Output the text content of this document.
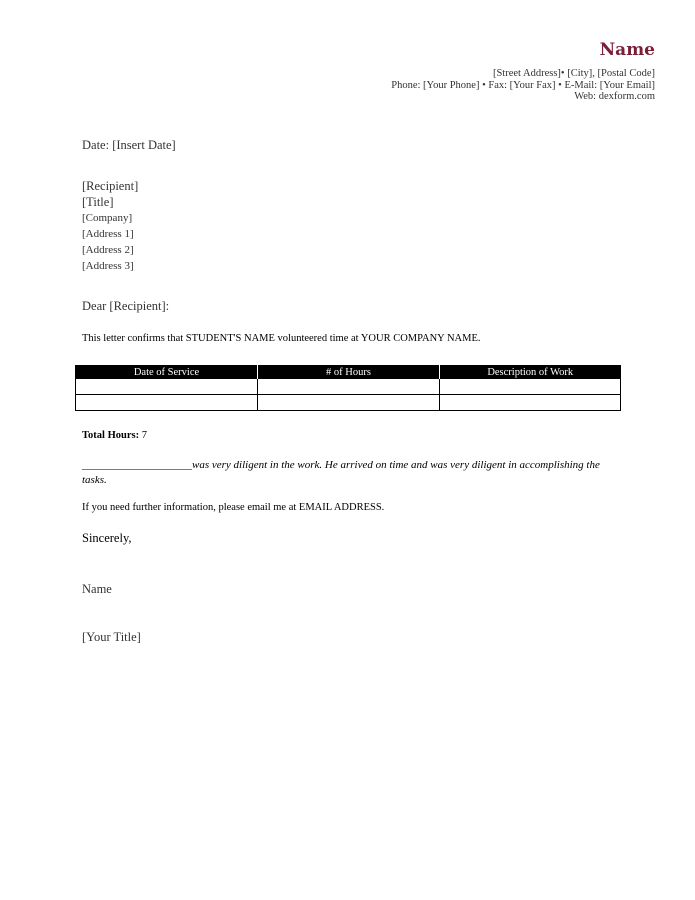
Name
[Street Address]• [City], [Postal Code]
Phone: [Your Phone] • Fax: [Your Fax] • E-Mail: [Your Email]
Web: dexform.com
Date: [Insert Date]
[Recipient]
[Title]
[Company]
[Address 1]
[Address 2]
[Address 3]
Dear [Recipient]:
This letter confirms that STUDENT'S NAME volunteered time at YOUR COMPANY NAME.
Date of Service	# of Hours	Description of Work

Total Hours: 7
____________________was very diligent in the work. He arrived on time and was very diligent in accomplishing the tasks.
If you need further information, please email me at EMAIL ADDRESS.
Sincerely,
Name
[Your Title]
